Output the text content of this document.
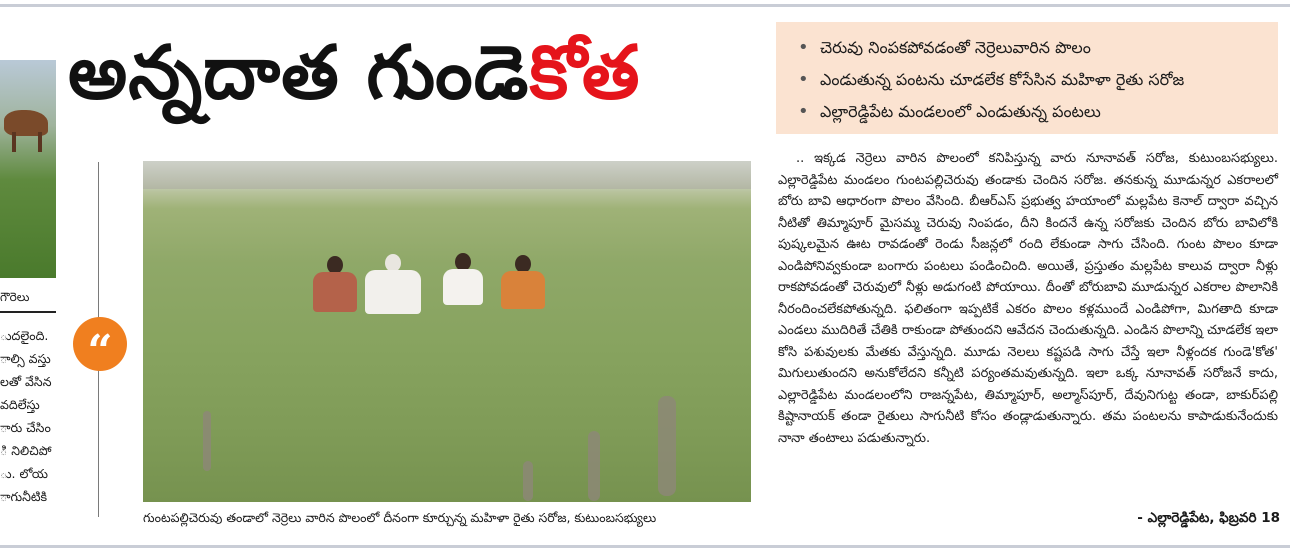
గౌరెలు
ుదలైంది.
ాల్సి వస్తు
లతో వేసిన
వదిలేస్తు
ారు చేసిం
ి నిలిచిపో
ు. లోయ
ాగునీటికి
“
అన్నదాత గుండెకోత
•	చెరువు నింపకపోవడంతో నెర్రెలువారిన పొలం
• ఎండుతున్న పంటను చూడలేక కోసేసిన మహిళా రైతు సరోజ
• ఎల్లారెడ్డిపేట మండలంలో ఎండుతున్న పంటలు
గుంటపల్లిచెరువు తండాలో నెర్రెలు వారిన పొలంలో దీనంగా కూర్చున్న మహిళా రైతు సరోజ, కుటుంబసభ్యులు

.. ఇక్కడ నెర్రెలు వారిన పొలంలో కనిపిస్తున్న వారు నూనావత్ సరోజ, కుటుంబసభ్యులు. ఎల్లారెడ్డిపేట మండలం గుంటపల్లిచెరువు తండాకు చెందిన సరోజ. తనకున్న మూడున్నర ఎకరాలలో బోరు బావి ఆధారంగా పొలం వేసింది. బీఆర్ఎస్ ప్రభుత్వ హయాంలో మల్లపేట కెనాల్ ద్వారా వచ్చిన నీటితో తిమ్మాపూర్ మైసమ్మ చెరువు నింపడం, దీని కిందనే ఉన్న సరోజకు చెందిన బోరు బావిలోకి పుష్కలమైన ఊట రావడంతో రెండు సీజన్లలో రంది లేకుండా సాగు చేసింది. గుంట పొలం కూడా ఎండిపోనివ్వకుండా బంగారు పంటలు పండించింది. అయితే, ప్రస్తుతం మల్లపేట కాలువ ద్వారా నీళ్లు రాకపోవడంతో చెరువులో నీళ్లు అడుగంటి పోయాయి. దీంతో బోరుబావి మూడున్నర ఎకరాల పొలానికి నీరందించలేకపోతున్నది. ఫలితంగా ఇప్పటికే ఎకరం పొలం కళ్లముందే ఎండిపోగా, మిగతాది కూడా ఎండలు ముదిరితే చేతికి రాకుండా పోతుందని ఆవేదన చెందుతున్నది. ఎండిన పొలాన్ని చూడలేక ఇలా కోసి పశువులకు మేతకు వేస్తున్నది. మూడు నెలలు కష్టపడి సాగు చేస్తే ఇలా నీళ్లందక గుండె'కోత' మిగులుతుందని అనుకోలేదని కన్నీటి పర్యంతమవుతున్నది. ఇలా ఒక్క నూనావత్ సరోజనే కాదు, ఎల్లారెడ్డిపేట మండలంలోని రాజన్నపేట, తిమ్మాపూర్, అల్మాస్‌పూర్, దేవునిగుట్ట తండా, బాకుర్‌పల్లి కిష్టానాయక్ తండా రైతులు సాగునీటి కోసం తండ్లాడుతున్నారు. తమ పంటలను కాపాడుకునేందుకు నానా తంటాలు పడుతున్నారు.

- ఎల్లారెడ్డిపేట, ఫిబ్రవరి 18
